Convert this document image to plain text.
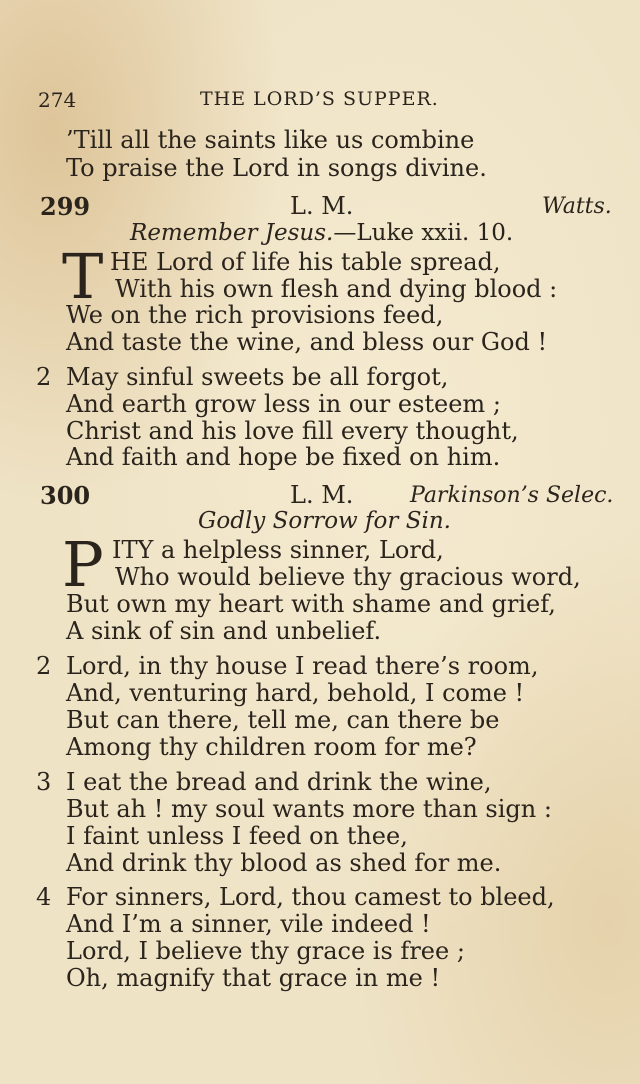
274	THE LORD’S SUPPER.
’Till all the saints like us combine
To praise the Lord in songs divine.
299	L. M.	Watts.
Remember Jesus.—Luke xxii. 10.
T HE Lord of life his table spread,
With his own flesh and dying blood :
We on the rich provisions feed,
And taste the wine, and bless our God !
2 May sinful sweets be all forgot,
And earth grow less in our esteem ;
Christ and his love fill every thought,
And faith and hope be fixed on him.
300	L. M.	Parkinson’s Selec.
Godly Sorrow for Sin.
P ITY a helpless sinner, Lord,
Who would believe thy gracious word,
But own my heart with shame and grief,
A sink of sin and unbelief.
2 Lord, in thy house I read there’s room,
And, venturing hard, behold, I come !
But can there, tell me, can there be
Among thy children room for me?
3 I eat the bread and drink the wine,
But ah ! my soul wants more than sign :
I faint unless I feed on thee,
And drink thy blood as shed for me.
4 For sinners, Lord, thou camest to bleed,
And I’m a sinner, vile indeed !
Lord, I believe thy grace is free ;
Oh, magnify that grace in me !
